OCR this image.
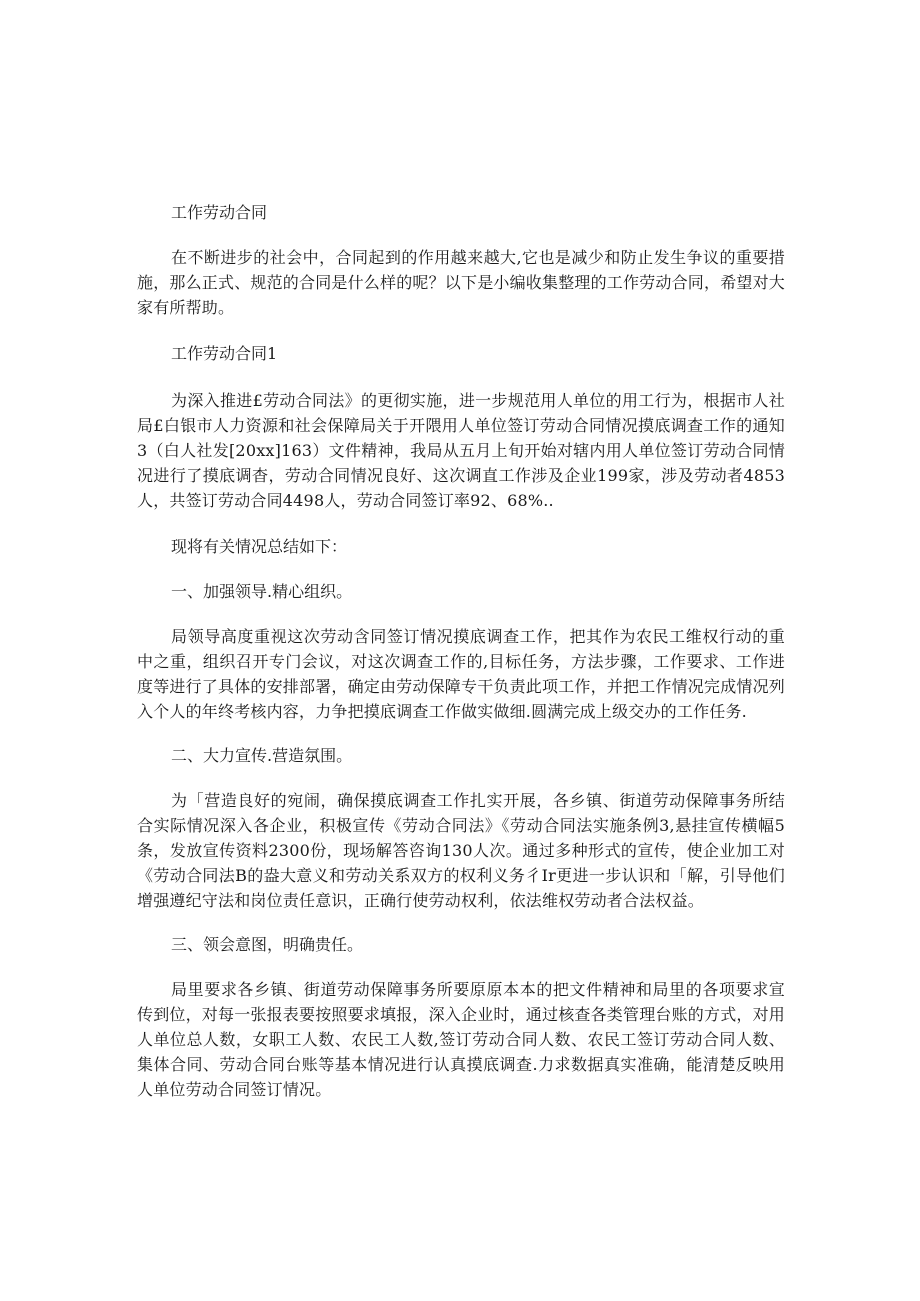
工作劳动合同

在不断进步的社会中，合同起到的作用越来越大,它也是减少和防止发生争议的重要措施，那么正式、规范的合同是什么样的呢？以下是小编收集整理的工作劳动合同，希望对大家有所帮助。

工作劳动合同1

为深入推进£劳动合同法》的更彻实施，进一步规范用人单位的用工行为，根据市人社局£白银市人力资源和社会保障局关于开隈用人单位签订劳动合同情况摸底调查工作的通知3（白人社发[20xx]163）文件精神，我局从五月上旬开始对辖内用人单位签订劳动合同情况进行了摸底调杳，劳动合同情况良好、这次调直工作涉及企业199家，涉及劳动者4853人，共签订劳动合同4498人，劳动合同签订率92、68%..

现将有关情况总结如下：

一、加强领导.精心组织。

局领导高度重视这次劳动含同签订情况摸底调查工作，把其作为农民工维权行动的重中之重，组织召开专门会议，对这次调查工作的,目标任务，方法步骤，工作要求、工作进度等进行了具体的安排部署，确定由劳动保障专干负责此项工作，并把工作情况完成情况列入个人的年终考核内容，力争把摸底调查工作做实做细.圆满完成上级交办的工作任务.

二、大力宣传.营造氛围。

为「营造良好的宛闹，确保摸底调查工作扎实开展，各乡镇、街道劳动保障事务所结合实际情况深入各企业，积极宣传《劳动合同法》《劳动合同法实施条例3,悬挂宣传横幅5条，发放宣传资料2300份，现场解答咨询130人次。通过多种形式的宣传，使企业加工对《劳动合同法B的盎大意义和劳动关系双方的权利义务彳Ir更进一步认识和「解，引导他们增强遵纪守法和岗位责任意识，正确行使劳动权利，依法维权劳动者合法权益。

三、领会意图，明确贵任。

局里要求各乡镇、街道劳动保障事务所要原原本本的把文件精神和局里的各项要求宣传到位，对每一张报表要按照要求填报，深入企业时，通过核查各类管理台账的方式，对用人单位总人数，女职工人数、农民工人数,签订劳动合同人数、农民工签订劳动合同人数、集体合同、劳动合同台账等基本情况进行认真摸底调查.力求数据真实准确，能清楚反映用人单位劳动合同签订情况。
